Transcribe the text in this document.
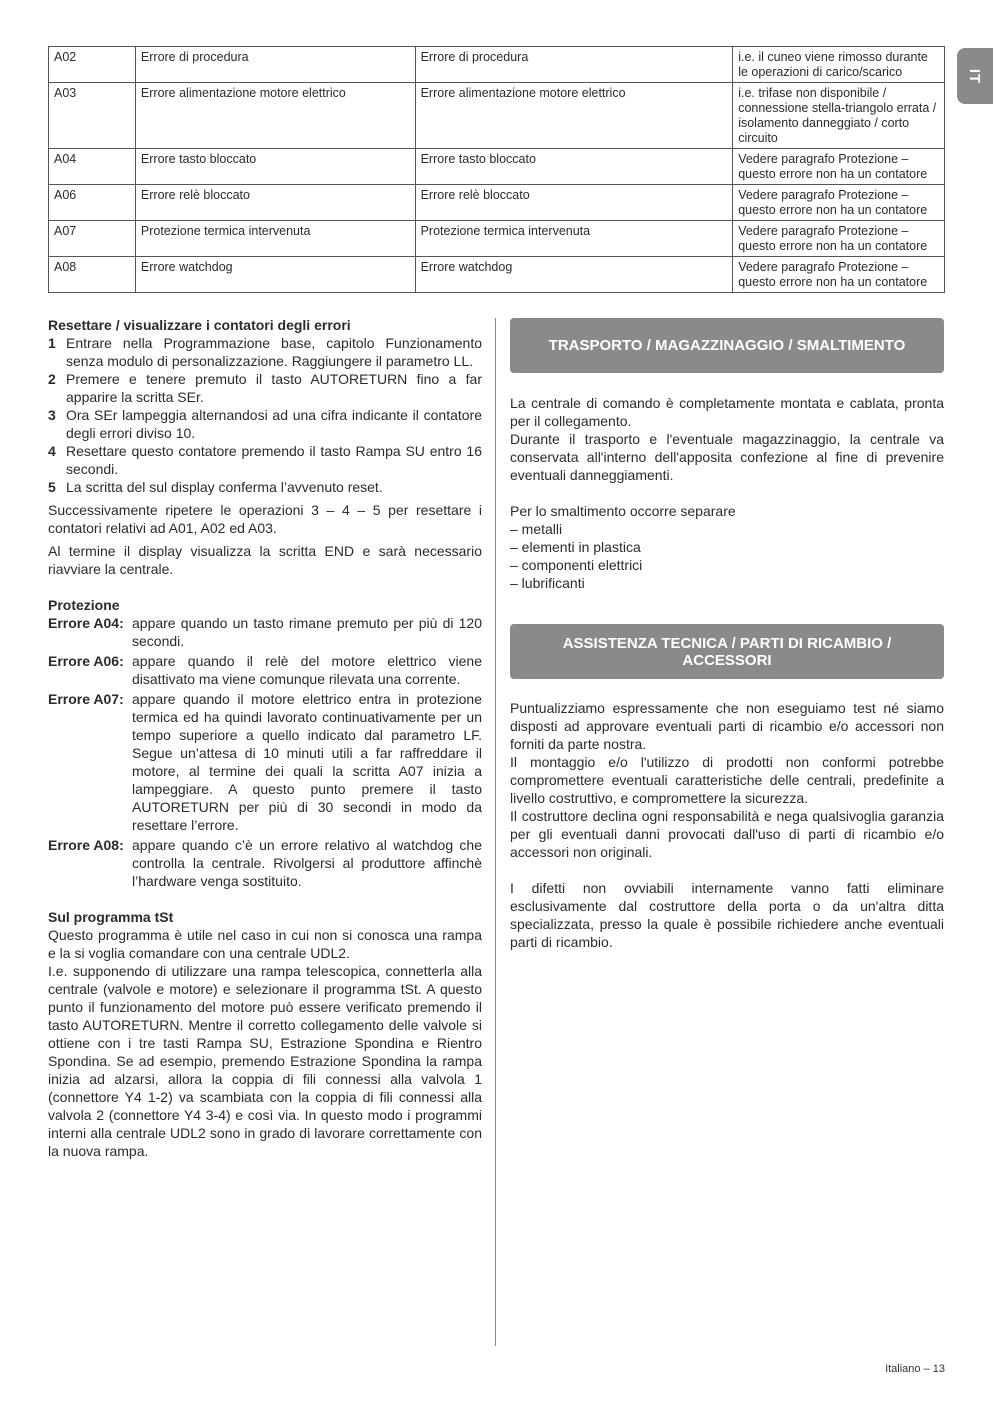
IT
A02	Errore di procedura	Errore di procedura	i.e. il cuneo viene rimosso durante le operazioni di carico/scarico
A03	Errore alimentazione motore elettrico	Errore alimentazione motore elettrico	i.e. trifase non disponibile / connessione stella-triangolo errata / isolamento danneggiato / corto circuito
A04	Errore tasto bloccato	Errore tasto bloccato	Vedere paragrafo Protezione – questo errore non ha un contatore
A06	Errore relè bloccato	Errore relè bloccato	Vedere paragrafo Protezione – questo errore non ha un contatore
A07	Protezione termica intervenuta	Protezione termica intervenuta	Vedere paragrafo Protezione – questo errore non ha un contatore
A08	Errore watchdog	Errore watchdog	Vedere paragrafo Protezione – questo errore non ha un contatore

Resettare / visualizzare i contatori degli errori

1 Entrare nella Programmazione base, capitolo Funzionamento senza modulo di personalizzazione. Raggiungere il parametro LL.
2 Premere e tenere premuto il tasto AUTORETURN fino a far apparire la scritta SEr.
3 Ora SEr lampeggia alternandosi ad una cifra indicante il contatore degli errori diviso 10.
4 Resettare questo contatore premendo il tasto Rampa SU entro 16 secondi.
5 La scritta del sul display conferma l’avvenuto reset.

Successivamente ripetere le operazioni 3 – 4 – 5 per resettare i contatori relativi ad A01, A02 ed A03.

Al termine il display visualizza la scritta END e sarà necessario riavviare la centrale.

Protezione

Errore A04: appare quando un tasto rimane premuto per più di 120 secondi.
Errore A06: appare quando il relè del motore elettrico viene disattivato ma viene comunque rilevata una corrente.
Errore A07: appare quando il motore elettrico entra in protezione termica ed ha quindi lavorato continuativamente per un tempo superiore a quello indicato dal parametro LF. Segue un’attesa di 10 minuti utili a far raffreddare il motore, al termine dei quali la scritta A07 inizia a lampeggiare. A questo punto premere il tasto AUTORETURN per più di 30 secondi in modo da resettare l’errore.
Errore A08: appare quando c’è un errore relativo al watchdog che controlla la centrale. Rivolgersi al produttore affinchè l’hardware venga sostituito.

Sul programma tSt

Questo programma è utile nel caso in cui non si conosca una rampa e la si voglia comandare con una centrale UDL2.

I.e. supponendo di utilizzare una rampa telescopica, connetterla alla centrale (valvole e motore) e selezionare il programma tSt. A questo punto il funzionamento del motore può essere verificato premendo il tasto AUTORETURN. Mentre il corretto collegamento delle valvole si ottiene con i tre tasti Rampa SU, Estrazione Spondina e Rientro Spondina. Se ad esempio, premendo Estrazione Spondina la rampa inizia ad alzarsi, allora la coppia di fili connessi alla valvola 1 (connettore Y4 1-2) va scambiata con la coppia di fili connessi alla valvola 2 (connettore Y4 3-4) e così via. In questo modo i programmi interni alla centrale UDL2 sono in grado di lavorare correttamente con la nuova rampa.

TRASPORTO / MAGAZZINAGGIO / SMALTIMENTO

La centrale di comando è completamente montata e cablata, pronta per il collegamento.

Durante il trasporto e l'eventuale magazzinaggio, la centrale va conservata all'interno dell'apposita confezione al fine di prevenire eventuali danneggiamenti.

Per lo smaltimento occorre separare

– metalli

– elementi in plastica

– componenti elettrici

– lubrificanti

ASSISTENZA TECNICA / PARTI DI RICAMBIO /
ACCESSORI

Puntualizziamo espressamente che non eseguiamo test né siamo disposti ad approvare eventuali parti di ricambio e/o accessori non forniti da parte nostra.

Il montaggio e/o l'utilizzo di prodotti non conformi potrebbe compromettere eventuali caratteristiche delle centrali, predefinite a livello costruttivo, e compromettere la sicurezza.

Il costruttore declina ogni responsabilità e nega qualsivoglia garanzia per gli eventuali danni provocati dall'uso di parti di ricambio e/o accessori non originali.

I difetti non ovviabili internamente vanno fatti eliminare esclusivamente dal costruttore della porta o da un'altra ditta specializzata, presso la quale è possibile richiedere anche eventuali parti di ricambio.

Italiano – 13
